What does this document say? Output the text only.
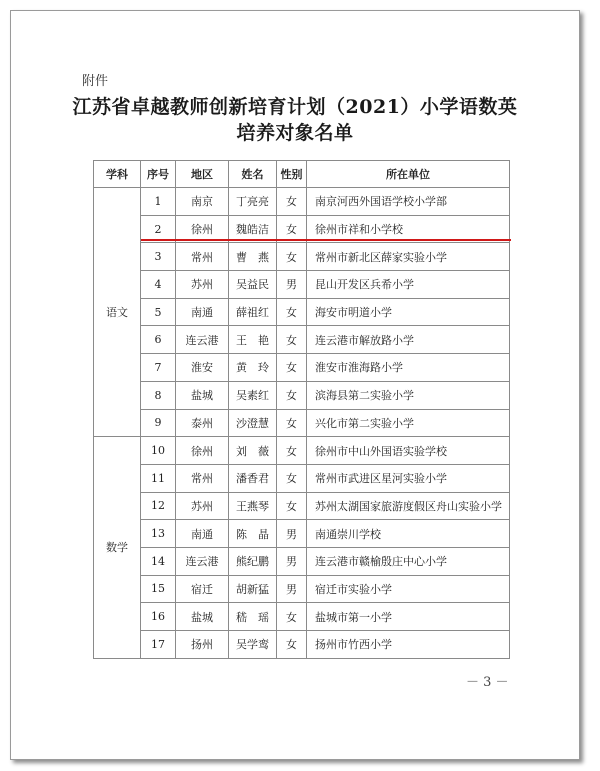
附件
江苏省卓越教师创新培育计划（2021）小学语数英
培养对象名单
学科	序号	地区	姓名	性别	所在单位
语文	1	南京	丁亮亮	女	南京河西外国语学校小学部
	2	徐州	魏皓洁	女	徐州市祥和小学校
	3	常州	曹　燕	女	常州市新北区薛家实验小学
	4	苏州	吴益民	男	昆山开发区兵希小学
	5	南通	薛祖红	女	海安市明道小学
	6	连云港	王　艳	女	连云港市解放路小学
	7	淮安	黄　玲	女	淮安市淮海路小学
	8	盐城	吴素红	女	滨海县第二实验小学
	9	泰州	沙澄慧	女	兴化市第二实验小学
数学	10	徐州	刘　薇	女	徐州市中山外国语实验学校
	11	常州	潘香君	女	常州市武进区星河实验小学
	12	苏州	王燕琴	女	苏州太湖国家旅游度假区舟山实验小学
	13	南通	陈　晶	男	南通崇川学校
	14	连云港	熊纪鹏	男	连云港市赣榆殷庄中心小学
	15	宿迁	胡新猛	男	宿迁市实验小学
	16	盐城	嵇　瑶	女	盐城市第一小学
	17	扬州	吴学鸾	女	扬州市竹西小学
－ 3 －
